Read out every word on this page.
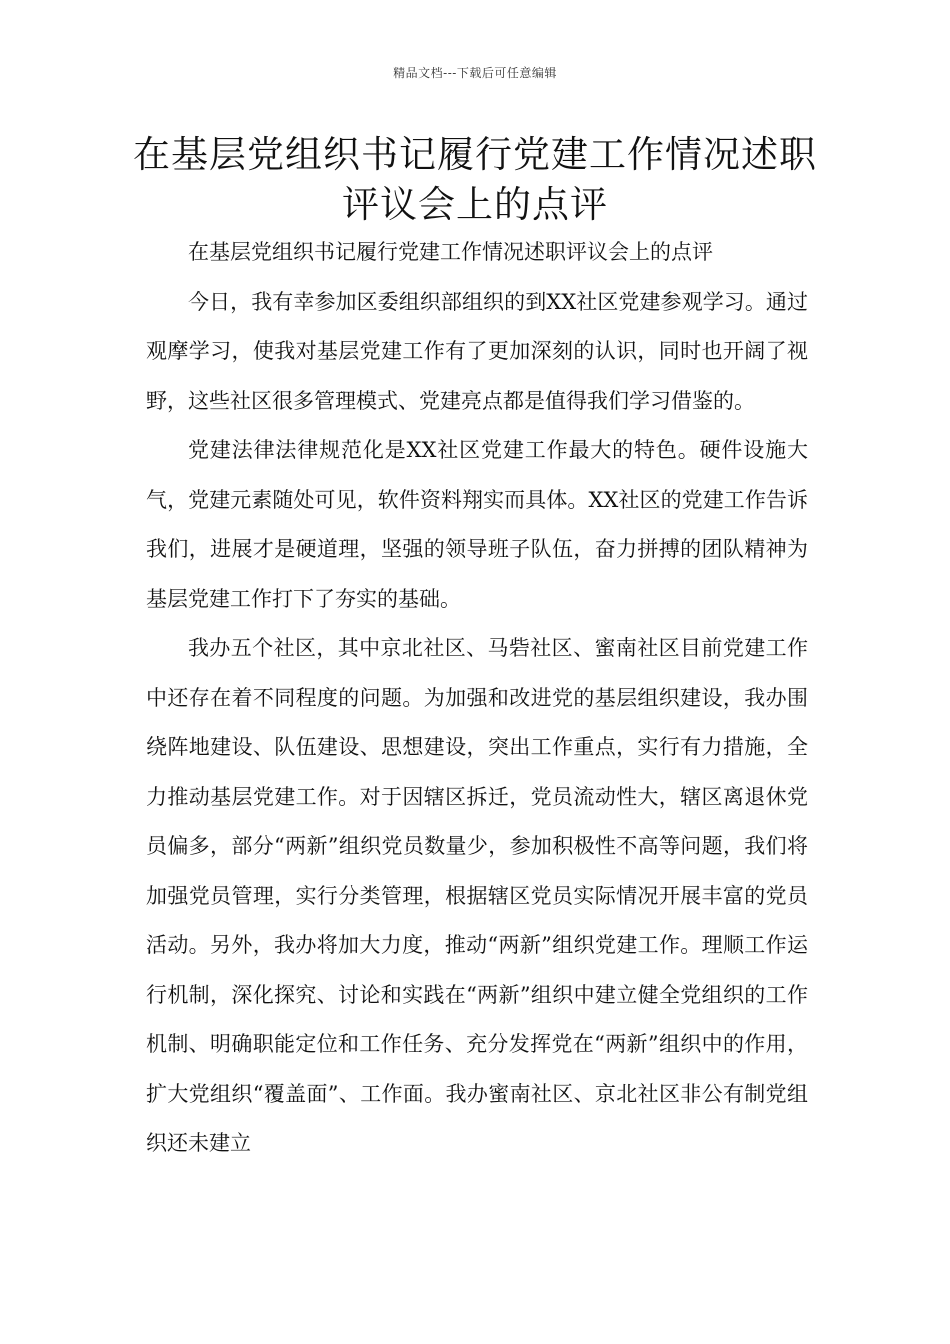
精品文档---下载后可任意编辑
在基层党组织书记履行党建工作情况述职评议会上的点评

在基层党组织书记履行党建工作情况述职评议会上的点评

今日，我有幸参加区委组织部组织的到XX社区党建参观学习。通过观摩学习，使我对基层党建工作有了更加深刻的认识，同时也开阔了视野，这些社区很多管理模式、党建亮点都是值得我们学习借鉴的。

党建法律法律规范化是XX社区党建工作最大的特色。硬件设施大气，党建元素随处可见，软件资料翔实而具体。XX社区的党建工作告诉我们，进展才是硬道理，坚强的领导班子队伍，奋力拼搏的团队精神为基层党建工作打下了夯实的基础。

我办五个社区，其中京北社区、马砦社区、蜜南社区目前党建工作中还存在着不同程度的问题。为加强和改进党的基层组织建设，我办围绕阵地建设、队伍建设、思想建设，突出工作重点，实行有力措施，全力推动基层党建工作。对于因辖区拆迁，党员流动性大，辖区离退休党员偏多，部分“两新”组织党员数量少，参加积极性不高等问题，我们将加强党员管理，实行分类管理，根据辖区党员实际情况开展丰富的党员活动。另外，我办将加大力度，推动“两新”组织党建工作。理顺工作运行机制，深化探究、讨论和实践在“两新”组织中建立健全党组织的工作机制、明确职能定位和工作任务、充分发挥党在“两新”组织中的作用，扩大党组织“覆盖面”、工作面。我办蜜南社区、京北社区非公有制党组织还未建立
